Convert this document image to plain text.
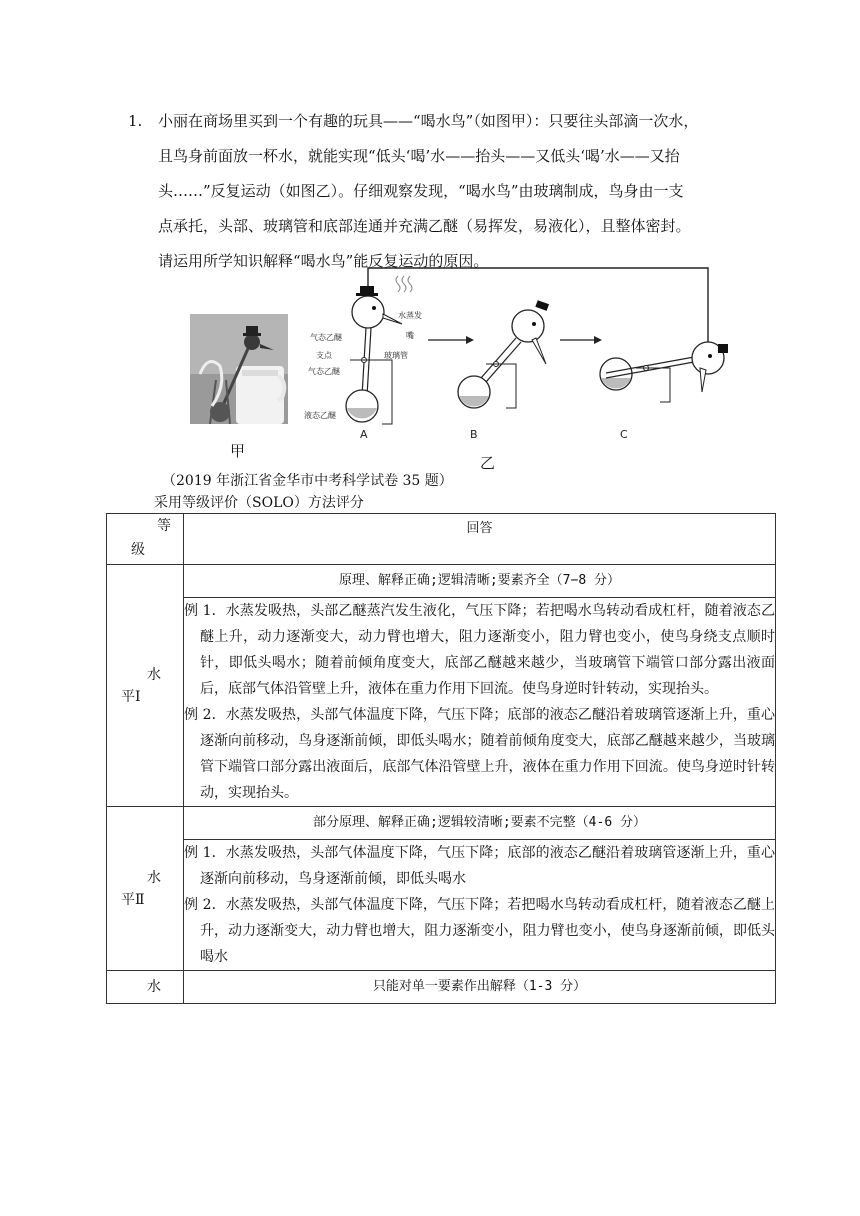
1. 小丽在商场里买到一个有趣的玩具——“喝水鸟”（如图甲）：只要往头部滴一次水，
且鸟身前面放一杯水，就能实现“低头‘喝’水——抬头——又低头‘喝’水——又抬
头……”反复运动（如图乙）。仔细观察发现，“喝水鸟”由玻璃制成，鸟身由一支
点承托，头部、玻璃管和底部连通并充满乙醚（易挥发，易液化），且整体密封。
请运用所学知识解释“喝水鸟”能反复运动的原因。
甲
乙
水蒸发
嘴
气态乙醚
支点	玻璃管
气态乙醚
液态乙醚
A	B	C
（2019 年浙江省金华市中考科学试卷 35 题）
采用等级评价（SOLO）方法评分
等
级	回答

水
平Ⅰ	原理、解释正确;逻辑清晰;要素齐全（7−8 分）

	例 1．水蒸发吸热，头部乙醚蒸汽发生液化，气压下降；若把喝水鸟转动看成杠杆，随着液态乙醚上升，动力逐渐变大，动力臂也增大，阻力逐渐变小，阻力臂也变小，使鸟身绕支点顺时针，即低头喝水；随着前倾角度变大，底部乙醚越来越少，当玻璃管下端管口部分露出液面后，底部气体沿管壁上升，液体在重力作用下回流。使鸟身逆时针转动，实现抬头。

例 2．水蒸发吸热，头部气体温度下降，气压下降；底部的液态乙醚沿着玻璃管逐渐上升，重心逐渐向前移动，鸟身逐渐前倾，即低头喝水；随着前倾角度变大，底部乙醚越来越少，当玻璃管下端管口部分露出液面后，底部气体沿管壁上升，液体在重力作用下回流。使鸟身逆时针转动，实现抬头。

水
平Ⅱ	部分原理、解释正确;逻辑较清晰;要素不完整（4-6 分）

	例 1．水蒸发吸热，头部气体温度下降，气压下降；底部的液态乙醚沿着玻璃管逐渐上升，重心逐渐向前移动，鸟身逐渐前倾，即低头喝水

例 2．水蒸发吸热，头部气体温度下降，气压下降；若把喝水鸟转动看成杠杆，随着液态乙醚上升，动力逐渐变大，动力臂也增大，阻力逐渐变小，阻力臂也变小，使鸟身逐渐前倾，即低头喝水

水	只能对单一要素作出解释（1-3 分）
